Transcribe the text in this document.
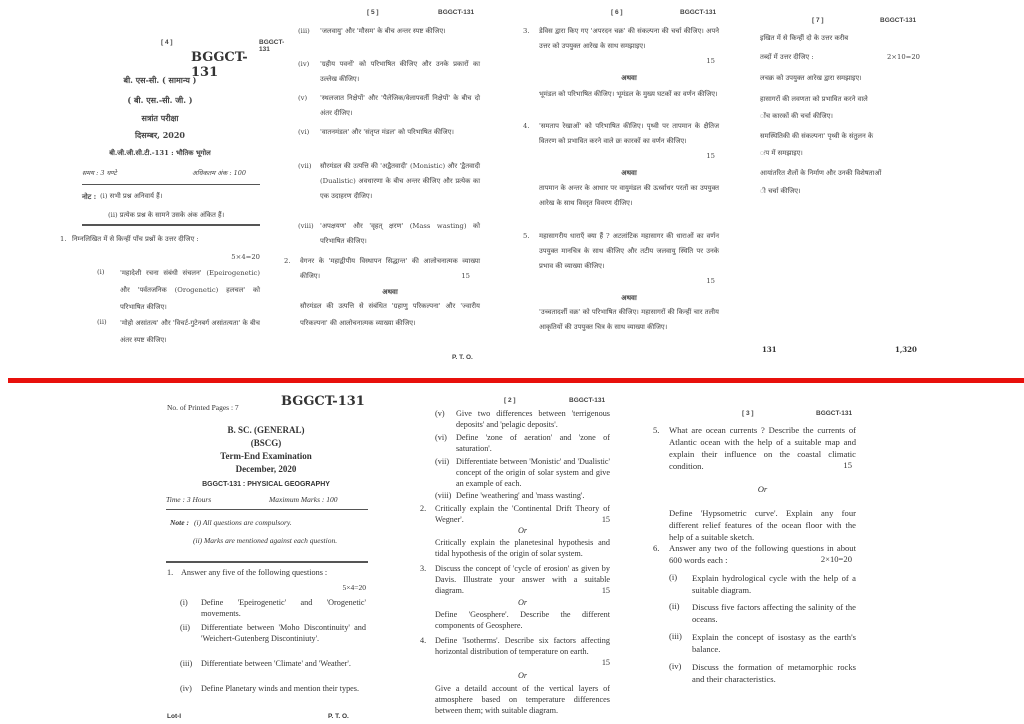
[ 4 ]	BGGCT-131
BGGCT-131
बी. एस-सी. ( सामान्य )
( बी. एस.-सी. जी. )
सत्रांत परीक्षा
दिसम्बर, 2020
बी.जी.जी.सी.टी.-131 : भौतिक भूगोल
समय : 3 घण्टे	अधिकतम अंक : 100
नोट : (i) सभी प्रश्न अनिवार्य हैं।
(ii) प्रत्येक प्रश्न के सामने उसके अंक अंकित हैं।
1. निम्नलिखित में से किन्हीं पाँच प्रश्नों के उत्तर दीजिए :
5×4=20
(i) 'महादेशी रचना संबंधी संचलन' (Epeirogenetic) और 'पर्वतजनिक (Orogenetic) हलचल' को परिभाषित कीजिए।
(ii) 'मोहो असांतत्य' और 'विचर्ट-गुटेनबर्ग असांतत्यता' के बीच अंतर स्पष्ट कीजिए।
[ 5 ]	BGGCT-131
(iii) 'जलवायु' और 'मौसम' के बीच अन्तर स्पष्ट कीजिए।
(iv) 'ग्रहीय पवनों' को परिभाषित कीजिए और उनके प्रकारों का उल्लेख कीजिए।
(v) 'स्थलजात निक्षेपों' और 'पैलेजिक/वेलापवर्ती निक्षेपों' के बीच दो अंतर दीजिए।
(vi) 'वातनमंडल' और 'संतृप्त मंडल' को परिभाषित कीजिए।
(vii) सौरमंडल की उत्पत्ति की 'अद्वैतवादी' (Monistic) और 'द्वैतवादी (Dualistic) अवधारणा के बीच अन्तर कीजिए और प्रत्येक का एक उदाहरण दीजिए।
(viii) 'अपक्षयण' और 'वृहत् क्षरण' (Mass wasting) को परिभाषित कीजिए।
2. वेगनर के 'महाद्वीपीय विस्थापन सिद्धान्त' की आलोचनात्मक व्याख्या कीजिए।	15
अथवा
सौरमंडल की उत्पत्ति से संबंधित 'ग्रहाणु परिकल्पना' और 'ज्वारीय परिकल्पना' की आलोचनात्मक व्याख्या कीजिए।
P. T. O.
[ 6 ]	BGGCT-131
3. डेविस द्वारा किए गए 'अपरदन चक्र' की संकल्पना की चर्चा कीजिए। अपने उत्तर को उपयुक्त आरेख के साथ समझाइए।
15
अथवा
भूमंडल को परिभाषित कीजिए। भूमंडल के मुख्य घटकों का वर्णन कीजिए।
4. 'समताप रेखाओं' को परिभाषित कीजिए। पृथ्वी पर तापमान के क्षैतिज वितरण को प्रभावित करने वाले छः कारकों का वर्णन कीजिए।
15
अथवा
तापमान के अन्तर के आधार पर वायुमंडल की ऊर्ध्वाधर परतों का उपयुक्त आरेख के साथ विस्तृत विवरण दीजिए।
5. महासागरीय धाराएँ क्या हैं ? अटलांटिक महासागर की धाराओं का वर्णन उपयुक्त मानचित्र के साथ कीजिए और तटीय जलवायु स्थिति पर उनके प्रभाव की व्याख्या कीजिए।
15
अथवा
'उच्चतादर्शी वक्र' को परिभाषित कीजिए। महासागरों की किन्हीं चार तलीय आकृतियों की उपयुक्त चित्र के साथ व्याख्या कीजिए।
[ 7 ]	BGGCT-131
इखित में से किन्हीं दो के उत्तर करीब
तब्दों में उत्तर दीजिए :	2×10=20
लचक्र को उपयुक्त आरेख द्वारा समझाइए।
हासागरों की लवणता को प्रभावित करने वाले
ाँच कारकों की चर्चा कीजिए।
समस्थितिकी की संकल्पना' पृथ्वी के संतुलन के
ःप में समझाइए।
आयांतरित शैलों के निर्माण और उनकी विशेषताओं
ी चर्चा कीजिए।
131	1,320
No. of Printed Pages : 7	BGGCT-131
B. SC. (GENERAL)
(BSCG)
Term-End Examination
December, 2020
BGGCT-131 : PHYSICAL GEOGRAPHY
Time : 3 Hours	Maximum Marks : 100
Note : (i) All questions are compulsory.
(ii) Marks are mentioned against each question.
1. Answer any five of the following questions :
5×4=20
(i) Define 'Epeirogenetic' and 'Orogenetic' movements.
(ii) Differentiate between 'Moho Discontinuity' and 'Weichert-Gutenberg Discontiniuty'.
(iii) Differentiate between 'Climate' and 'Weather'.
(iv) Define Planetary winds and mention their types.
Lot-I	P. T. O.
[ 2 ]	BGGCT-131
(v) Give two differences between 'terrigenous deposits' and 'pelagic deposits'.
(vi) Define 'zone of aeration' and 'zone of saturation'.
(vii) Differentiate between 'Monistic' and 'Dualistic' concept of the origin of solar system and give an example of each.
(viii) Define 'weathering' and 'mass wasting'.
2. Critically explain the 'Continental Drift Theory of Wegner'.	15
Or
Critically explain the planetesinal hypothesis and tidal hypothesis of the origin of solar system.
3. Discuss the concept of 'cycle of erosion' as given by Davis. Illustrate your answer with a suitable diagram.	15
Or
Define 'Geosphere'. Describe the different components of Geosphere.
4. Define 'Isotherms'. Describe six factors affecting horizontal distribution of temperature on earth.
15
Or
Give a detaild account of the vertical layers of atmosphere based on temperature differences between them; with suitable diagram.
[ 3 ]	BGGCT-131
5. What are ocean currents ? Describe the currents of Atlantic ocean with the help of a suitable map and explain their influence on the coastal climatic condition.	15
Or
Define 'Hypsometric curve'. Explain any four different relief features of the ocean floor with the help of a suitable sketch.
6. Answer any two of the following questions in about 600 words each :	2×10=20
(i) Explain hydrological cycle with the help of a suitable diagram.
(ii) Discuss five factors affecting the salinity of the oceans.
(iii) Explain the concept of isostasy as the earth's balance.
(iv) Discuss the formation of metamorphic rocks and their characteristics.
